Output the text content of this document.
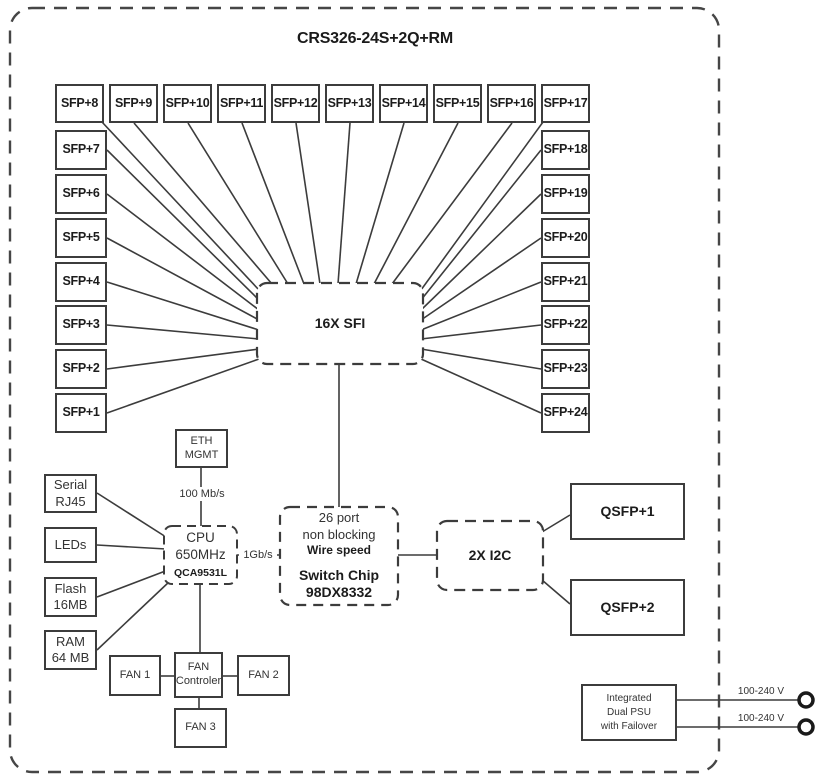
CRS326-24S+2Q+RM
SFP+8	SFP+9	SFP+10 SFP+11 SFP+12 SFP+13 SFP+14 SFP+15 SFP+16 SFP+17
SFP+7
SFP+6
SFP+5
SFP+4
SFP+3
SFP+2
SFP+1
SFP+18
SFP+19
SFP+20
SFP+21
SFP+22
SFP+23
SFP+24
16X SFI
ETH
MGMT
100 Mb/s
1Gb/s
CPU
650MHz
QCA9531L
Serial
RJ45
LEDs
Flash
16MB
RAM
64 MB
26 port
non blocking
Wire speed
Switch Chip
98DX8332
2X I2C
QSFP+1
QSFP+2
FAN 1
FAN
Controler
FAN 2
FAN 3
Integrated
Dual PSU
with Failover
100-240 V
100-240 V
